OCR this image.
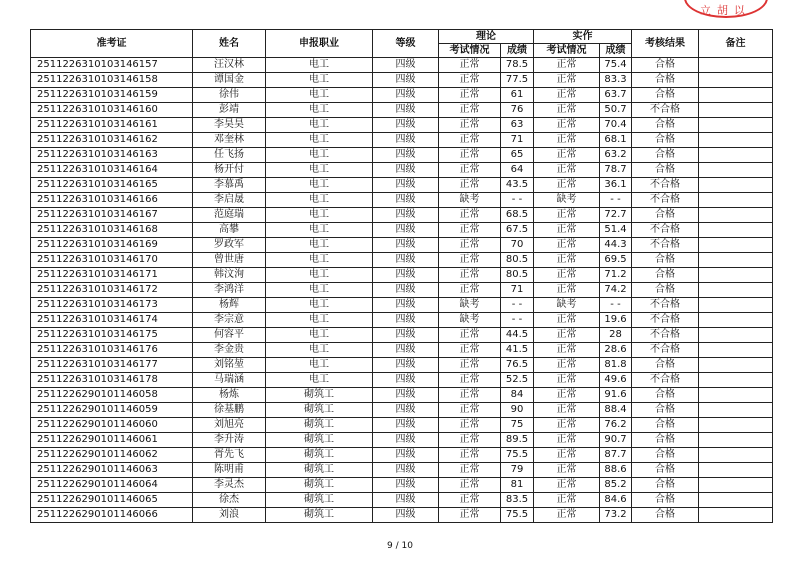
立胡以
准考证	姓名	申报职业	等级	理论		实作		考核结果	备注
				考试情况	成绩	考试情况	成绩		
2511226310103146157	汪汉林	电工	四级	正常	78.5	正常	75.4	合格	
2511226310103146158	谭国金	电工	四级	正常	77.5	正常	83.3	合格	
2511226310103146159	徐伟	电工	四级	正常	61	正常	63.7	合格	
2511226310103146160	彭靖	电工	四级	正常	76	正常	50.7	不合格	
2511226310103146161	李昊昊	电工	四级	正常	63	正常	70.4	合格	
2511226310103146162	邓奎林	电工	四级	正常	71	正常	68.1	合格	
2511226310103146163	任飞扬	电工	四级	正常	65	正常	63.2	合格	
2511226310103146164	杨开付	电工	四级	正常	64	正常	78.7	合格	
2511226310103146165	李慕禹	电工	四级	正常	43.5	正常	36.1	不合格	
2511226310103146166	李启晟	电工	四级	缺考	- -	缺考	- -	不合格	
2511226310103146167	范庭瑞	电工	四级	正常	68.5	正常	72.7	合格	
2511226310103146168	高攀	电工	四级	正常	67.5	正常	51.4	不合格	
2511226310103146169	罗政军	电工	四级	正常	70	正常	44.3	不合格	
2511226310103146170	曾世唐	电工	四级	正常	80.5	正常	69.5	合格	
2511226310103146171	韩汶洵	电工	四级	正常	80.5	正常	71.2	合格	
2511226310103146172	李鸿洋	电工	四级	正常	71	正常	74.2	合格	
2511226310103146173	杨辉	电工	四级	缺考	- -	缺考	- -	不合格	
2511226310103146174	李宗意	电工	四级	缺考	- -	正常	19.6	不合格	
2511226310103146175	何容平	电工	四级	正常	44.5	正常	28	不合格	
2511226310103146176	李金贵	电工	四级	正常	41.5	正常	28.6	不合格	
2511226310103146177	刘铭堃	电工	四级	正常	76.5	正常	81.8	合格	
2511226310103146178	马瑞涵	电工	四级	正常	52.5	正常	49.6	不合格	
2511226290101146058	杨炼	砌筑工	四级	正常	84	正常	91.6	合格	
2511226290101146059	徐基鹏	砌筑工	四级	正常	90	正常	88.4	合格	
2511226290101146060	刘旭亮	砌筑工	四级	正常	75	正常	76.2	合格	
2511226290101146061	李升涛	砌筑工	四级	正常	89.5	正常	90.7	合格	
2511226290101146062	胥先飞	砌筑工	四级	正常	75.5	正常	87.7	合格	
2511226290101146063	陈明甫	砌筑工	四级	正常	79	正常	88.6	合格	
2511226290101146064	李灵杰	砌筑工	四级	正常	81	正常	85.2	合格	
2511226290101146065	徐杰	砌筑工	四级	正常	83.5	正常	84.6	合格	
2511226290101146066	刘浪	砌筑工	四级	正常	75.5	正常	73.2	合格	
9 / 10
